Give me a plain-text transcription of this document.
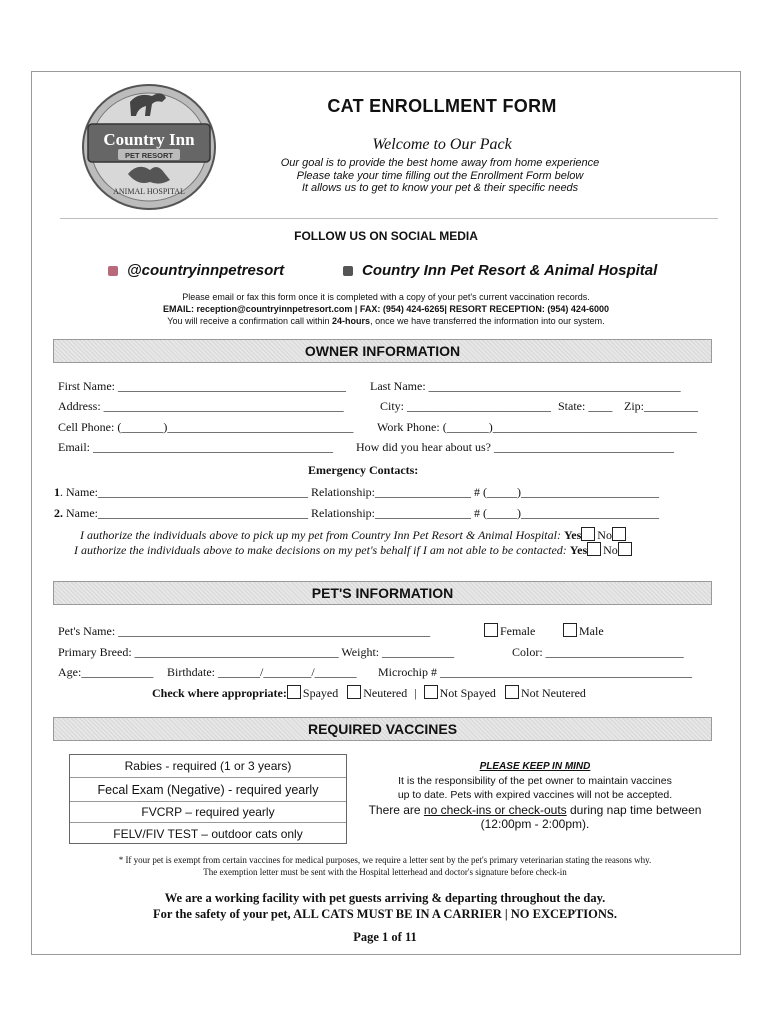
Country Inn
PET RESORT
ANIMAL HOSPITAL
CAT ENROLLMENT FORM
Welcome to Our Pack
Our goal is to provide the best home away from home experience
Please take your time filling out the Enrollment Form below
It allows us to get to know your pet & their specific needs
FOLLOW US ON SOCIAL MEDIA
@countryinnpetresort	Country Inn Pet Resort & Animal Hospital
Please email or fax this form once it is completed with a copy of your pet's current vaccination records.
EMAIL: reception@countryinnpetresort.com | FAX: (954) 424-6265| RESORT RECEPTION: (954) 424-6000
You will receive a confirmation call within 24-hours, once we have transferred the information into our system.
OWNER INFORMATION
First Name: ______________________________________ Last Name: __________________________________________
Address: ________________________________________	City: ________________________ State: ____ Zip:_________
Cell Phone: (_______)_______________________________ Work Phone: (_______)__________________________________
Email: ________________________________________ How did you hear about us? ______________________________
Emergency Contacts:
1. Name:___________________________________ Relationship:________________ # (_____)_______________________
2. Name:___________________________________ Relationship:________________ # (_____)_______________________
I authorize the individuals above to pick up my pet from Country Inn Pet Resort & Animal Hospital: Yes No
I authorize the individuals above to make decisions on my pet's behalf if I am not able to be contacted: Yes No
PET'S INFORMATION
Pet's Name: ____________________________________________________	Female	Male
Primary Breed: __________________________________ Weight: ____________	Color: _______________________
Age:____________ Birthdate: _______/________/_______ Microchip # __________________________________________
Check where appropriate: Spayed Neutered | Not Spayed Not Neutered
REQUIRED VACCINES
Rabies - required (1 or 3 years)
Fecal Exam (Negative) - required yearly
FVCRP – required yearly
FELV/FIV TEST – outdoor cats only
PLEASE KEEP IN MIND
It is the responsibility of the pet owner to maintain vaccines
up to date. Pets with expired vaccines will not be accepted.
There are no check-ins or check-outs during nap time between
(12:00pm - 2:00pm).
* If your pet is exempt from certain vaccines for medical purposes, we require a letter sent by the pet's primary veterinarian stating the reasons why.
The exemption letter must be sent with the Hospital letterhead and doctor's signature before check-in
We are a working facility with pet guests arriving & departing throughout the day.
For the safety of your pet, ALL CATS MUST BE IN A CARRIER | NO EXCEPTIONS.
Page 1 of 11
